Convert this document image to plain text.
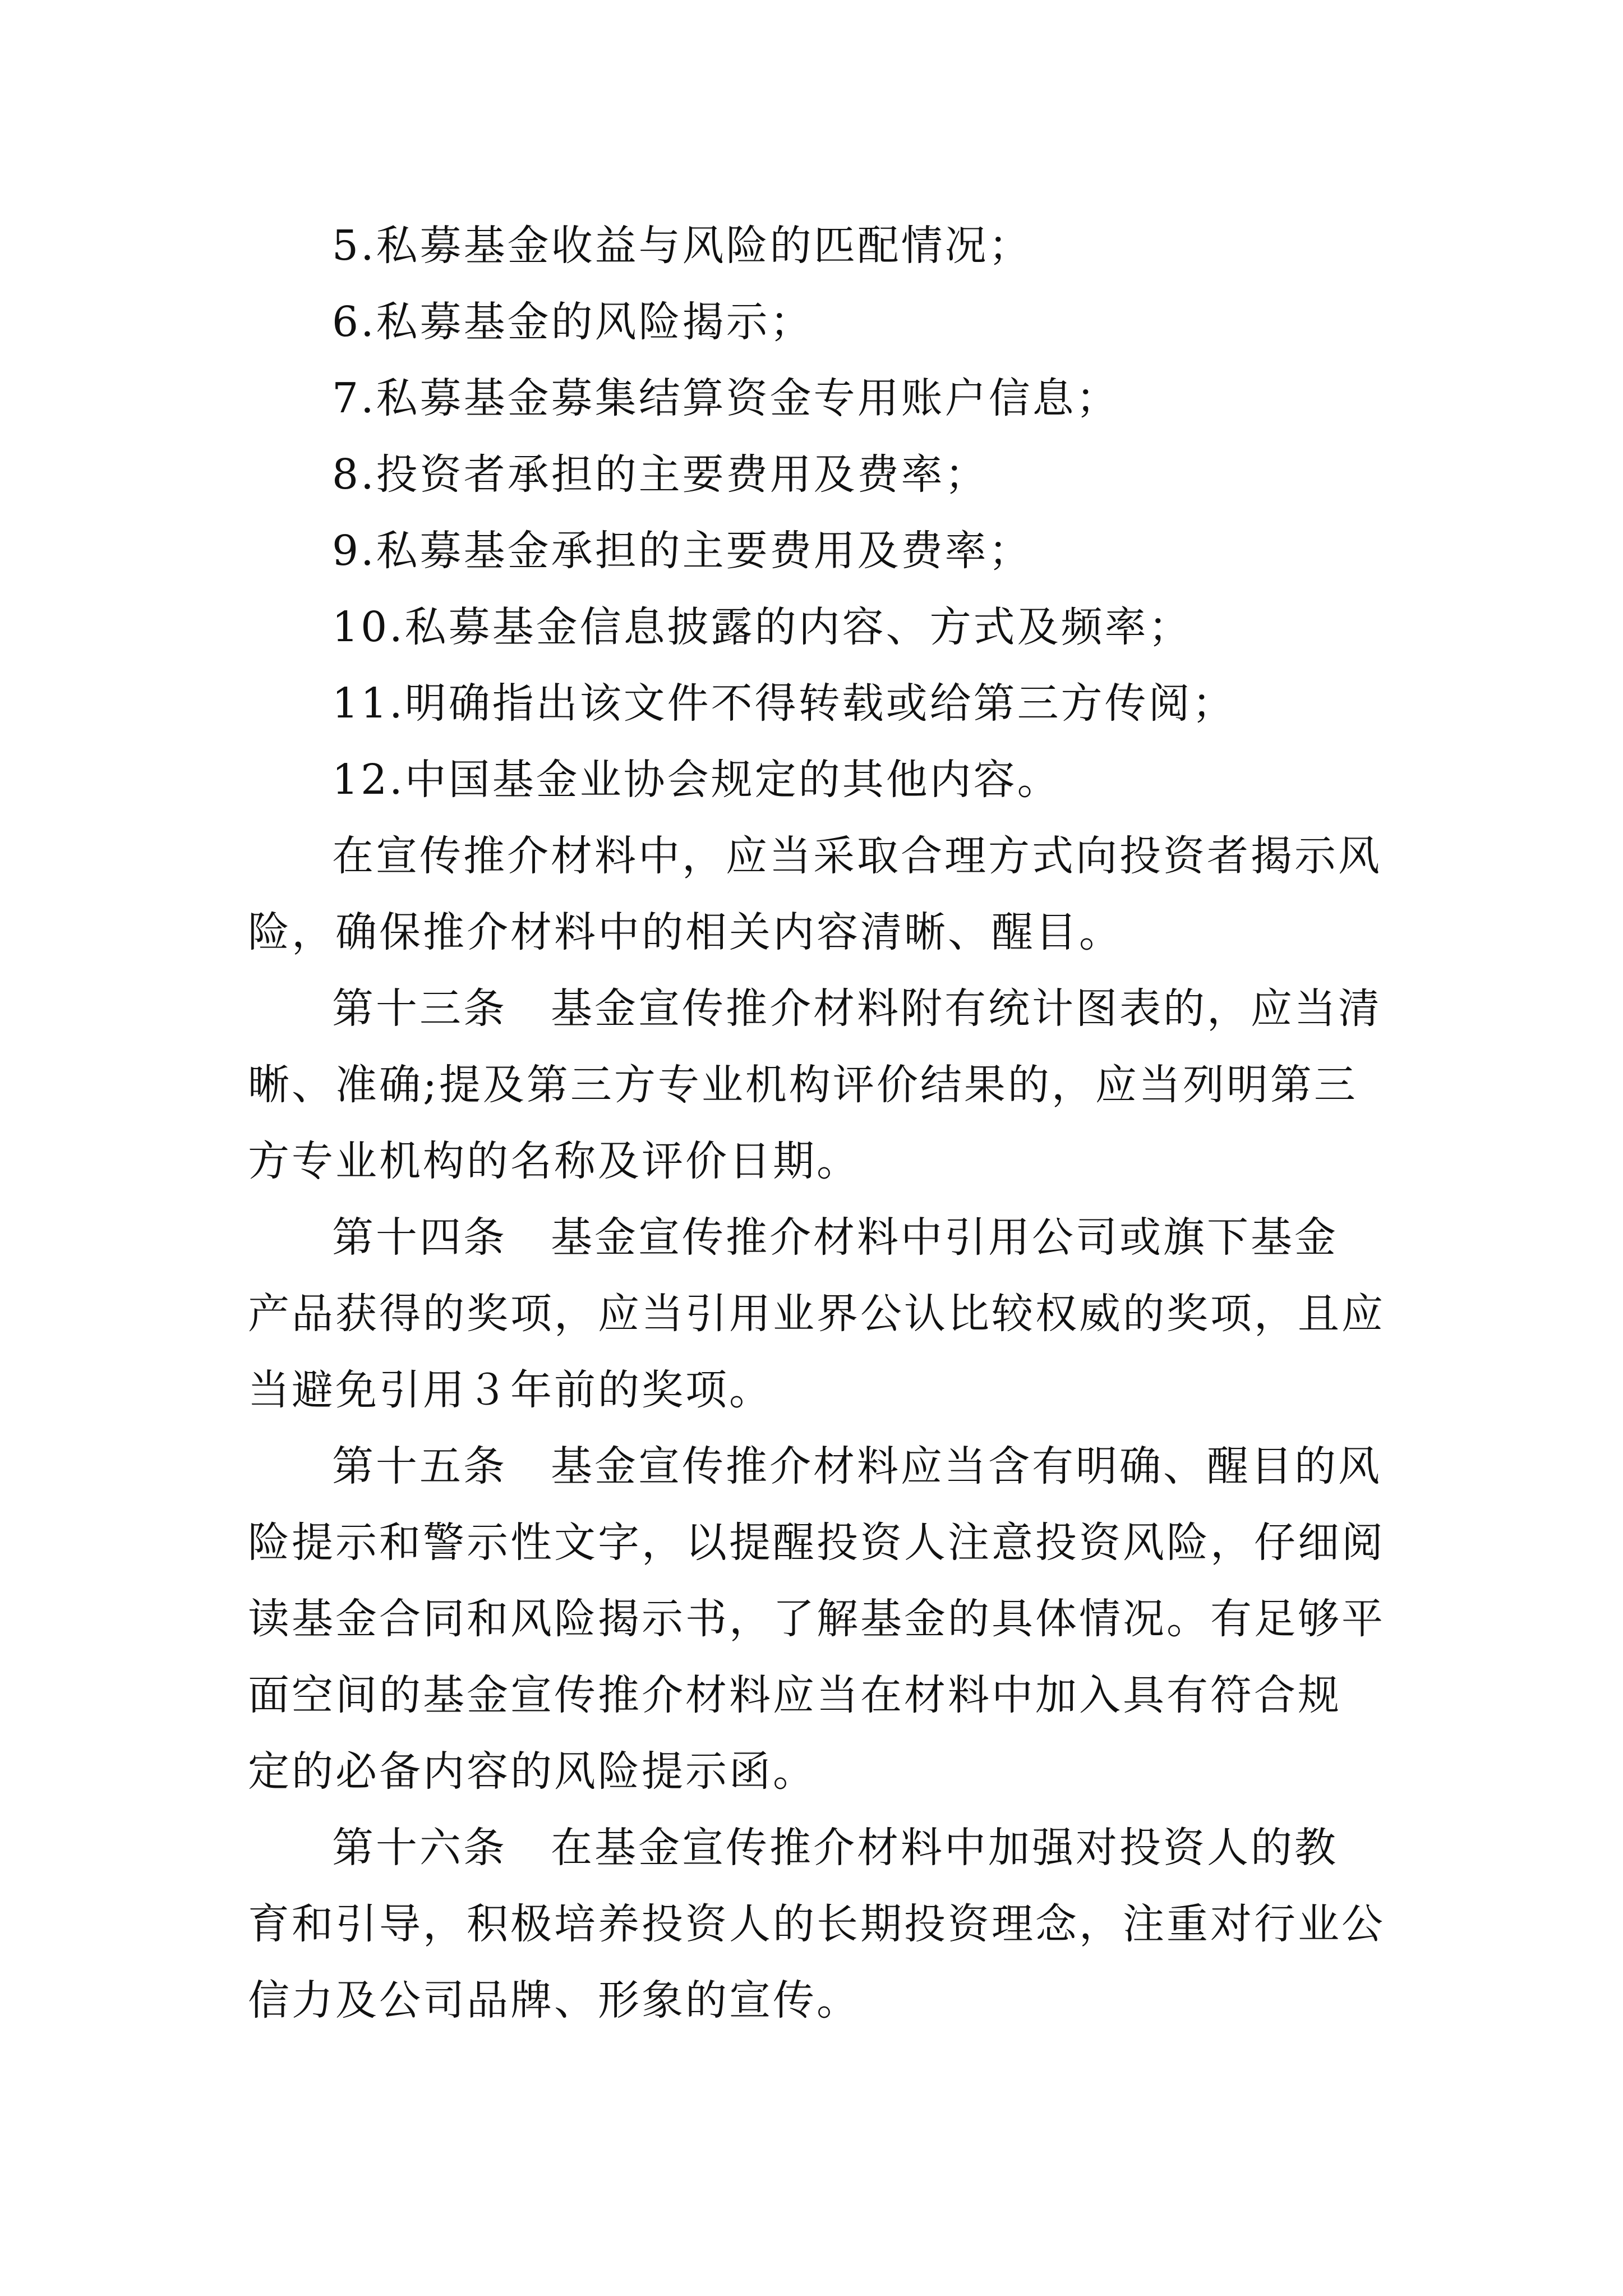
5.私募基金收益与风险的匹配情况；
6.私募基金的风险揭示；
7.私募基金募集结算资金专用账户信息；
8.投资者承担的主要费用及费率；
9.私募基金承担的主要费用及费率；
10.私募基金信息披露的内容、方式及频率；
11.明确指出该文件不得转载或给第三方传阅；
12.中国基金业协会规定的其他内容。
在宣传推介材料中，应当采取合理方式向投资者揭示风
险，确保推介材料中的相关内容清晰、醒目。
第十三条　基金宣传推介材料附有统计图表的，应当清
晰、准确;提及第三方专业机构评价结果的，应当列明第三
方专业机构的名称及评价日期。
第十四条　基金宣传推介材料中引用公司或旗下基金
产品获得的奖项，应当引用业界公认比较权威的奖项，且应
当避免引用３年前的奖项。
第十五条　基金宣传推介材料应当含有明确、醒目的风
险提示和警示性文字，以提醒投资人注意投资风险，仔细阅
读基金合同和风险揭示书，了解基金的具体情况。有足够平
面空间的基金宣传推介材料应当在材料中加入具有符合规
定的必备内容的风险提示函。
第十六条　在基金宣传推介材料中加强对投资人的教
育和引导，积极培养投资人的长期投资理念，注重对行业公
信力及公司品牌、形象的宣传。
